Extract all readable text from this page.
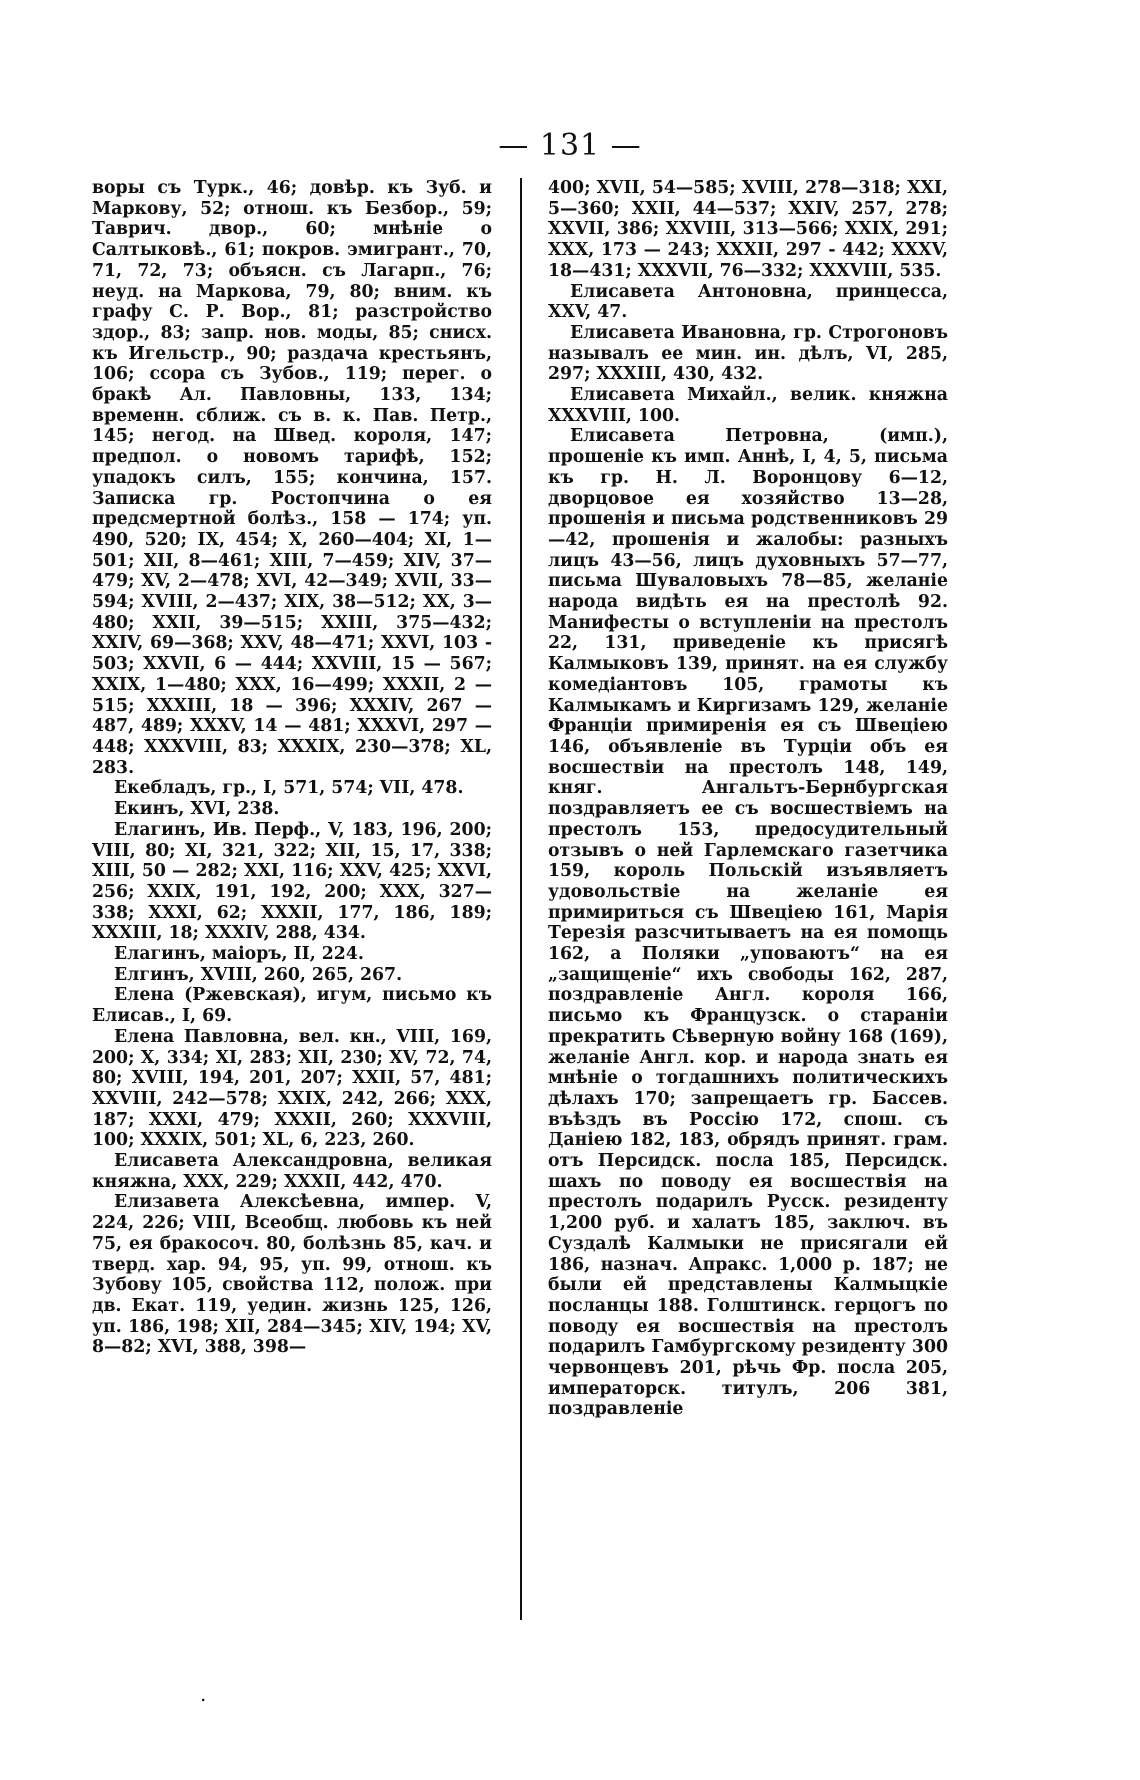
— 131 —

воры съ Турк., 46; довѣр. къ Зуб. и Маркову, 52; отнош. къ Безбор., 59; Таврич. двор., 60; мнѣніе о Салтыковѣ., 61; покров. эмигрант., 70, 71, 72, 73; объясн. съ Лагарп., 76; неуд. на Маркова, 79, 80; вним. къ графу С. Р. Вор., 81; разстройство здор., 83; запр. нов. моды, 85; снисх. къ Игельстр., 90; раздача крестьянъ, 106; ссора съ Зубов., 119; перег. о бракѣ Ал. Павловны, 133, 134; временн. сближ. съ в. к. Пав. Петр., 145; негод. на Швед. короля, 147; предпол. о новомъ тарифѣ, 152; упадокъ силъ, 155; кончина, 157. Записка гр. Ростопчина о ея предсмертной болѣз., 158 — 174; уп. 490, 520; IX, 454; X, 260—404; XI, 1—501; XII, 8—461; XIII, 7—459; XIV, 37—479; XV, 2—478; XVI, 42—349; XVII, 33—594; XVIII, 2—437; XIX, 38—512; XX, 3—480; XXII, 39—515; XXIII, 375—432; XXIV, 69—368; XXV, 48—471; XXVI, 103 - 503; XXVII, 6 — 444; XXVIII, 15 — 567; XXIX, 1—480; XXX, 16—499; XXXII, 2 — 515; XXXIII, 18 — 396; XXXIV, 267 — 487, 489; XXXV, 14 — 481; XXXVI, 297 — 448; XXXVIII, 83; XXXIX, 230—378; XL, 283.

Екебладъ, гр., I, 571, 574; VII, 478.

Екинъ, XVI, 238.

Елагинъ, Ив. Перф., V, 183, 196, 200; VIII, 80; XI, 321, 322; XII, 15, 17, 338; XIII, 50 — 282; XXI, 116; XXV, 425; XXVI, 256; XXIX, 191, 192, 200; XXX, 327—338; XXXI, 62; XXXII, 177, 186, 189; XXXIII, 18; XXXIV, 288, 434.

Елагинъ, маіоръ, II, 224.

Елгинъ, XVIII, 260, 265, 267.

Елена (Ржевская), игум, письмо къ Елисав., I, 69.

Елена Павловна, вел. кн., VIII, 169, 200; X, 334; XI, 283; XII, 230; XV, 72, 74, 80; XVIII, 194, 201, 207; XXII, 57, 481; XXVIII, 242—578; XXIX, 242, 266; XXX, 187; XXXI, 479; XXXII, 260; XXXVIII, 100; XXXIX, 501; XL, 6, 223, 260.

Елисавета Александровна, великая княжна, XXX, 229; XXXII, 442, 470.

Елизавета Алексѣевна, импер. V, 224, 226; VIII, Всеобщ. любовь къ ней 75, ея бракосоч. 80, болѣзнь 85, кач. и тверд. хар. 94, 95, уп. 99, отнош. къ Зубову 105, свойства 112, полож. при дв. Екат. 119, уедин. жизнь 125, 126, уп. 186, 198; XII, 284—345; XIV, 194; XV, 8—82; XVI, 388, 398—

400; XVII, 54—585; XVIII, 278—318; XXI, 5—360; XXII, 44—537; XXIV, 257, 278; XXVII, 386; XXVIII, 313—566; XXIX, 291; XXX, 173 — 243; XXXII, 297 - 442; XXXV, 18—431; XXXVII, 76—332; XXXVIII, 535.

Елисавета Антоновна, принцесса, XXV, 47.

Елисавета Ивановна, гр. Строгоновъ называлъ ее мин. ин. дѣлъ, VI, 285, 297; XXXIII, 430, 432.

Елисавета Михайл., велик. княжна XXXVIII, 100.

Елисавета Петровна, (имп.), прошеніе къ имп. Аннѣ, I, 4, 5, письма къ гр. Н. Л. Воронцову 6—12, дворцовое ея хозяйство 13—28, прошенія и письма родственниковъ 29—42, прошенія и жалобы: разныхъ лицъ 43—56, лицъ духовныхъ 57—77, письма Шуваловыхъ 78—85, желаніе народа видѣть ея на престолѣ 92. Манифесты о вступленіи на престолъ 22, 131, приведеніе къ присягѣ Калмыковъ 139, принят. на ея службу комедіантовъ 105, грамоты къ Калмыкамъ и Киргизамъ 129, желаніе Франціи примиренія ея съ Швеціею 146, объявленіе въ Турціи объ ея восшествіи на престолъ 148, 149, княг. Ангальтъ-Бернбургская поздравляетъ ее съ восшествіемъ на престолъ 153, предосудительный отзывъ о ней Гарлемскаго газетчика 159, король Польскій изъявляетъ удовольствіе на желаніе ея примириться съ Швеціею 161, Марія Терезія разсчитываетъ на ея помощь 162, а Поляки „уповаютъ“ на ея „защищеніе“ ихъ свободы 162, 287, поздравленіе Англ. короля 166, письмо къ Французск. о стараніи прекратить Сѣверную войну 168 (169), желаніе Англ. кор. и народа знать ея мнѣніе о тогдашнихъ политическихъ дѣлахъ 170; запрещаетъ гр. Бассев. въѣздъ въ Россію 172, спош. съ Даніею 182, 183, обрядъ принят. грам. отъ Персидск. посла 185, Персидск. шахъ по поводу ея восшествія на престолъ подарилъ Русск. резиденту 1,200 руб. и халатъ 185, заключ. въ Суздалѣ Калмыки не присягали ей 186, назнач. Апракс. 1,000 р. 187; не были ей представлены Калмыцкіе посланцы 188. Голштинск. герцогъ по поводу ея восшествія на престолъ подарилъ Гамбургскому резиденту 300 червонцевъ 201, рѣчь Фр. посла 205, императорск. титулъ, 206 381, поздравленіе

.
